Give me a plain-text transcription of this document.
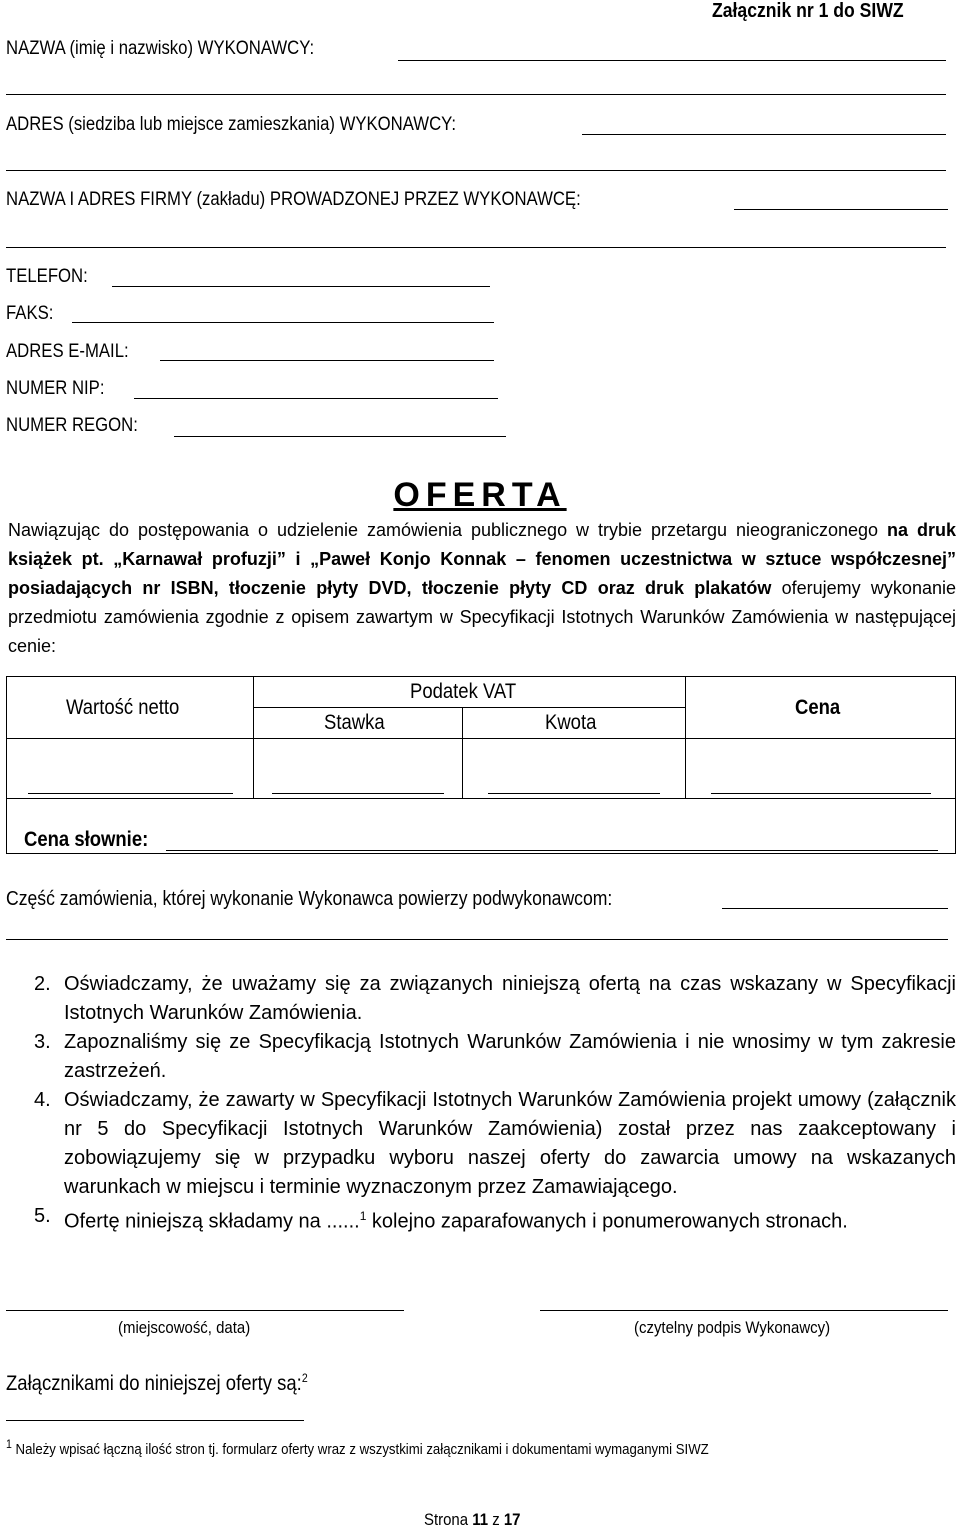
Załącznik nr 1 do SIWZ
NAZWA (imię i nazwisko) WYKONAWCY:
ADRES (siedziba lub miejsce zamieszkania) WYKONAWCY:
NAZWA I ADRES FIRMY (zakładu) PROWADZONEJ PRZEZ WYKONAWCĘ:
TELEFON:
FAKS:
ADRES E-MAIL:
NUMER NIP:
NUMER REGON:
OFERTA
Nawiązując do postępowania o udzielenie zamówienia publicznego w trybie przetargu nieograniczonego na druk książek pt. „Karnawał profuzji” i „Paweł Konjo Konnak – fenomen uczestnictwa w sztuce współczesnej” posiadających nr ISBN, tłoczenie płyty DVD, tłoczenie płyty CD oraz druk plakatów oferujemy wykonanie przedmiotu zamówienia zgodnie z opisem zawartym w Specyfikacji Istotnych Warunków Zamówienia w następującej cenie:
Wartość netto	Podatek VAT		Cena
	Stawka	Kwota	

Cena słownie:
Część zamówienia, której wykonanie Wykonawca powierzy podwykonawcom:
2. Oświadczamy, że uważamy się za związanych niniejszą ofertą na czas wskazany w Specyfikacji Istotnych Warunków Zamówienia.
3. Zapoznaliśmy się ze Specyfikacją Istotnych Warunków Zamówienia i nie wnosimy w tym zakresie zastrzeżeń.
4. Oświadczamy, że zawarty w Specyfikacji Istotnych Warunków Zamówienia projekt umowy (załącznik nr 5 do Specyfikacji Istotnych Warunków Zamówienia) został przez nas zaakceptowany i zobowiązujemy się w przypadku wyboru naszej oferty do zawarcia umowy na wskazanych warunkach w miejscu i terminie wyznaczonym przez Zamawiającego.
5. Ofertę niniejszą składamy na ......$^1$ kolejno zaparafowanych i ponumerowanych stronach.
(miejscowość, data)	(czytelny podpis Wykonawcy)
Załącznikami do niniejszej oferty są:$^2$
$^1$ Należy wpisać łączną ilość stron tj. formularz oferty wraz z wszystkimi załącznikami i dokumentami wymaganymi SIWZ
Strona 11 z 17
